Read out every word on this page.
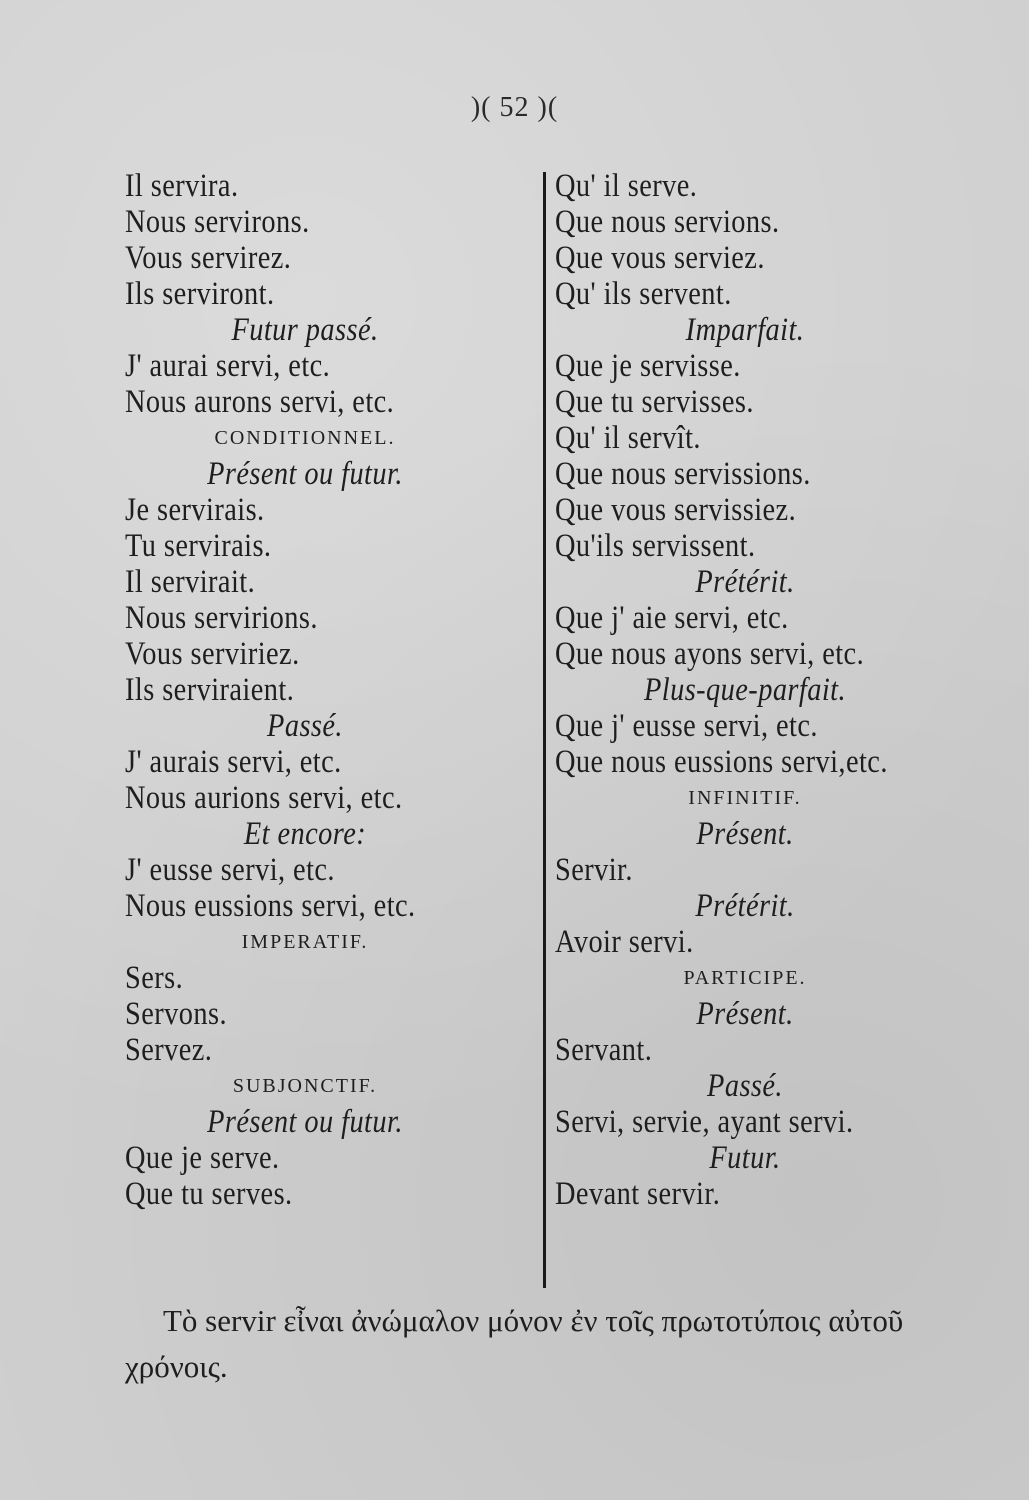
)( 52 )(
Il servira.
Nous servirons.
Vous servirez.
Ils serviront.
Futur passé.
J' aurai servi, etc.
Nous aurons servi, etc.
CONDITIONNEL.
Présent ou futur.
Je servirais.
Tu servirais.
Il servirait.
Nous servirions.
Vous serviriez.
Ils serviraient.
Passé.
J' aurais servi, etc.
Nous aurions servi, etc.
Et encore:
J' eusse servi, etc.
Nous eussions servi, etc.
IMPERATIF.
Sers.
Servons.
Servez.
SUBJONCTIF.
Présent ou futur.
Que je serve.
Que tu serves.
Qu' il serve.
Que nous servions.
Que vous serviez.
Qu' ils servent.
Imparfait.
Que je servisse.
Que tu servisses.
Qu' il servît.
Que nous servissions.
Que vous servissiez.
Qu'ils servissent.
Prétérit.
Que j' aie servi, etc.
Que nous ayons servi, etc.
Plus-que-parfait.
Que j' eusse servi, etc.
Que nous eussions servi,etc.
INFINITIF.
Présent.
Servir.
Prétérit.
Avoir servi.
PARTICIPE.
Présent.
Servant.
Passé.
Servi, servie, ayant servi.
Futur.
Devant servir.
Τὸ servir εἶναι ἀνώμαλον μόνον ἐν τοῖς πρωτοτύποις αὐτοῦ
χρόνοις.
